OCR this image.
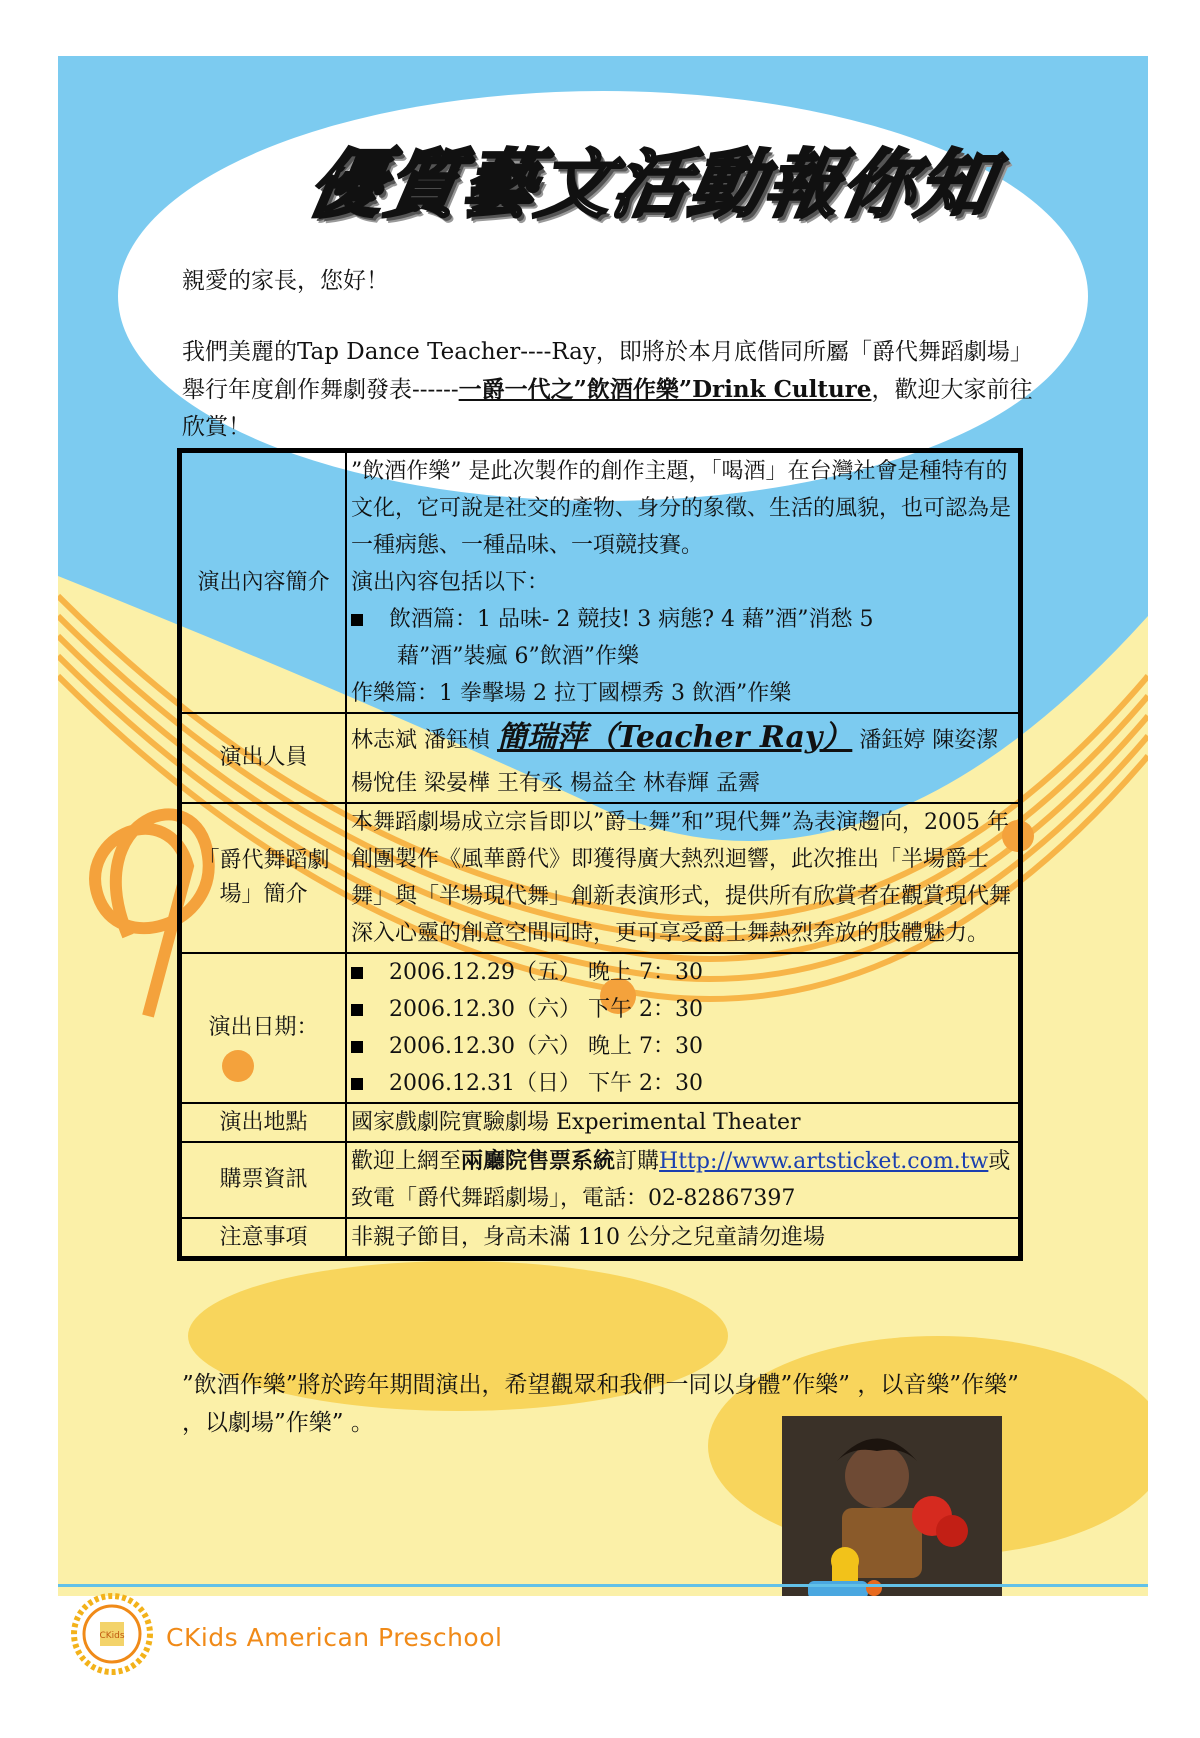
優質藝文活動報你知
親愛的家長，您好！
我們美麗的Tap Dance Teacher----Ray，即將於本月底偕同所屬「爵代舞蹈劇場」舉行年度創作舞劇發表------一爵一代之”飲酒作樂”Drink Culture，歡迎大家前往欣賞！
演出內容簡介	”飲酒作樂” 是此次製作的創作主題，「喝酒」在台灣社會是種特有的文化，它可說是社交的產物、身分的象徵、生活的風貌，也可認為是一種病態、一種品味、一項競技賽。
演出內容包括以下：
飲酒篇：1 品味- 2 競技! 3 病態? 4 藉”酒”消愁 5
藉”酒”裝瘋 6”飲酒”作樂
作樂篇：1 拳擊場 2 拉丁國標秀 3 飲酒”作樂

演出人員	林志斌 潘鈺楨 簡瑞萍（Teacher Ray） 潘鈺婷 陳姿潔
楊悅佳 梁晏樺 王有丞 楊益全 林春輝 孟霽

「爵代舞蹈劇場」簡介	本舞蹈劇場成立宗旨即以”爵士舞”和”現代舞”為表演趨向，2005 年創團製作《風華爵代》即獲得廣大熱烈迴響，此次推出「半場爵士舞」與「半場現代舞」創新表演形式，提供所有欣賞者在觀賞現代舞深入心靈的創意空間同時，更可享受爵士舞熱烈奔放的肢體魅力。
演出日期：	2006.12.29（五） 晚上 7：30
2006.12.30（六） 下午 2：30
2006.12.30（六） 晚上 7：30
2006.12.31（日） 下午 2：30

演出地點	國家戲劇院實驗劇場 Experimental Theater
購票資訊	歡迎上網至兩廳院售票系統訂購Http://www.artsticket.com.tw或致電「爵代舞蹈劇場」，電話：02-82867397
注意事項	非親子節目，身高未滿 110 公分之兒童請勿進場
”飲酒作樂”將於跨年期間演出，希望觀眾和我們一同以身體”作樂” ，以音樂”作樂” ，以劇場”作樂” 。
CKids CKids American Preschool
